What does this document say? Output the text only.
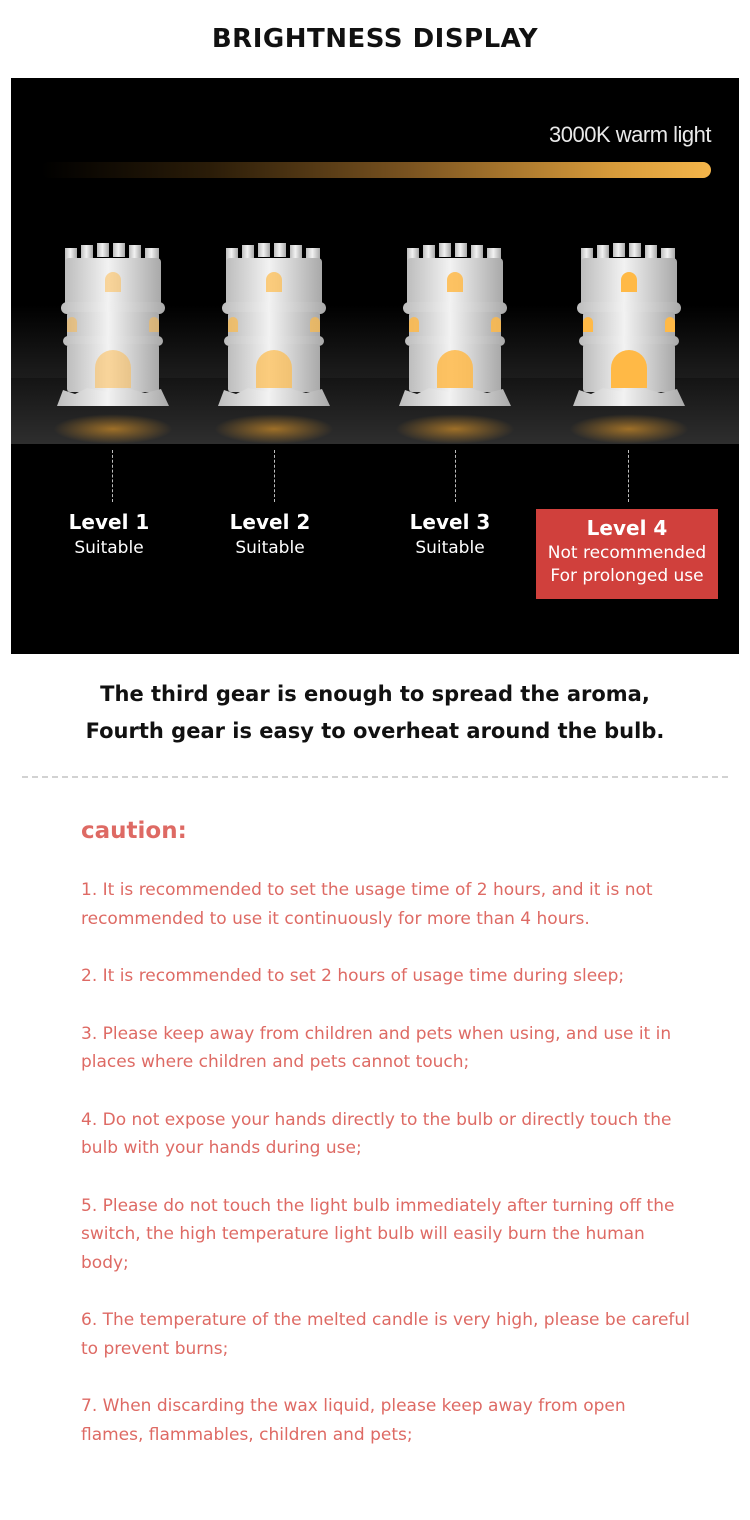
BRIGHTNESS DISPLAY
3000K warm light
Level 1
Suitable
Level 2
Suitable
Level 3
Suitable
Level 4
Not recommended
For prolonged use
The third gear is enough to spread the aroma,
Fourth gear is easy to overheat around the bulb.
caution:

1. It is recommended to set the usage time of 2 hours, and it is not recommended to use it continuously for more than 4 hours.

2. It is recommended to set 2 hours of usage time during sleep;

3. Please keep away from children and pets when using, and use it in places where children and pets cannot touch;

4. Do not expose your hands directly to the bulb or directly touch the bulb with your hands during use;

5. Please do not touch the light bulb immediately after turning off the switch, the high temperature light bulb will easily burn the human body;

6. The temperature of the melted candle is very high, please be careful to prevent burns;

7. When discarding the wax liquid, please keep away from open flames, flammables, children and pets;
